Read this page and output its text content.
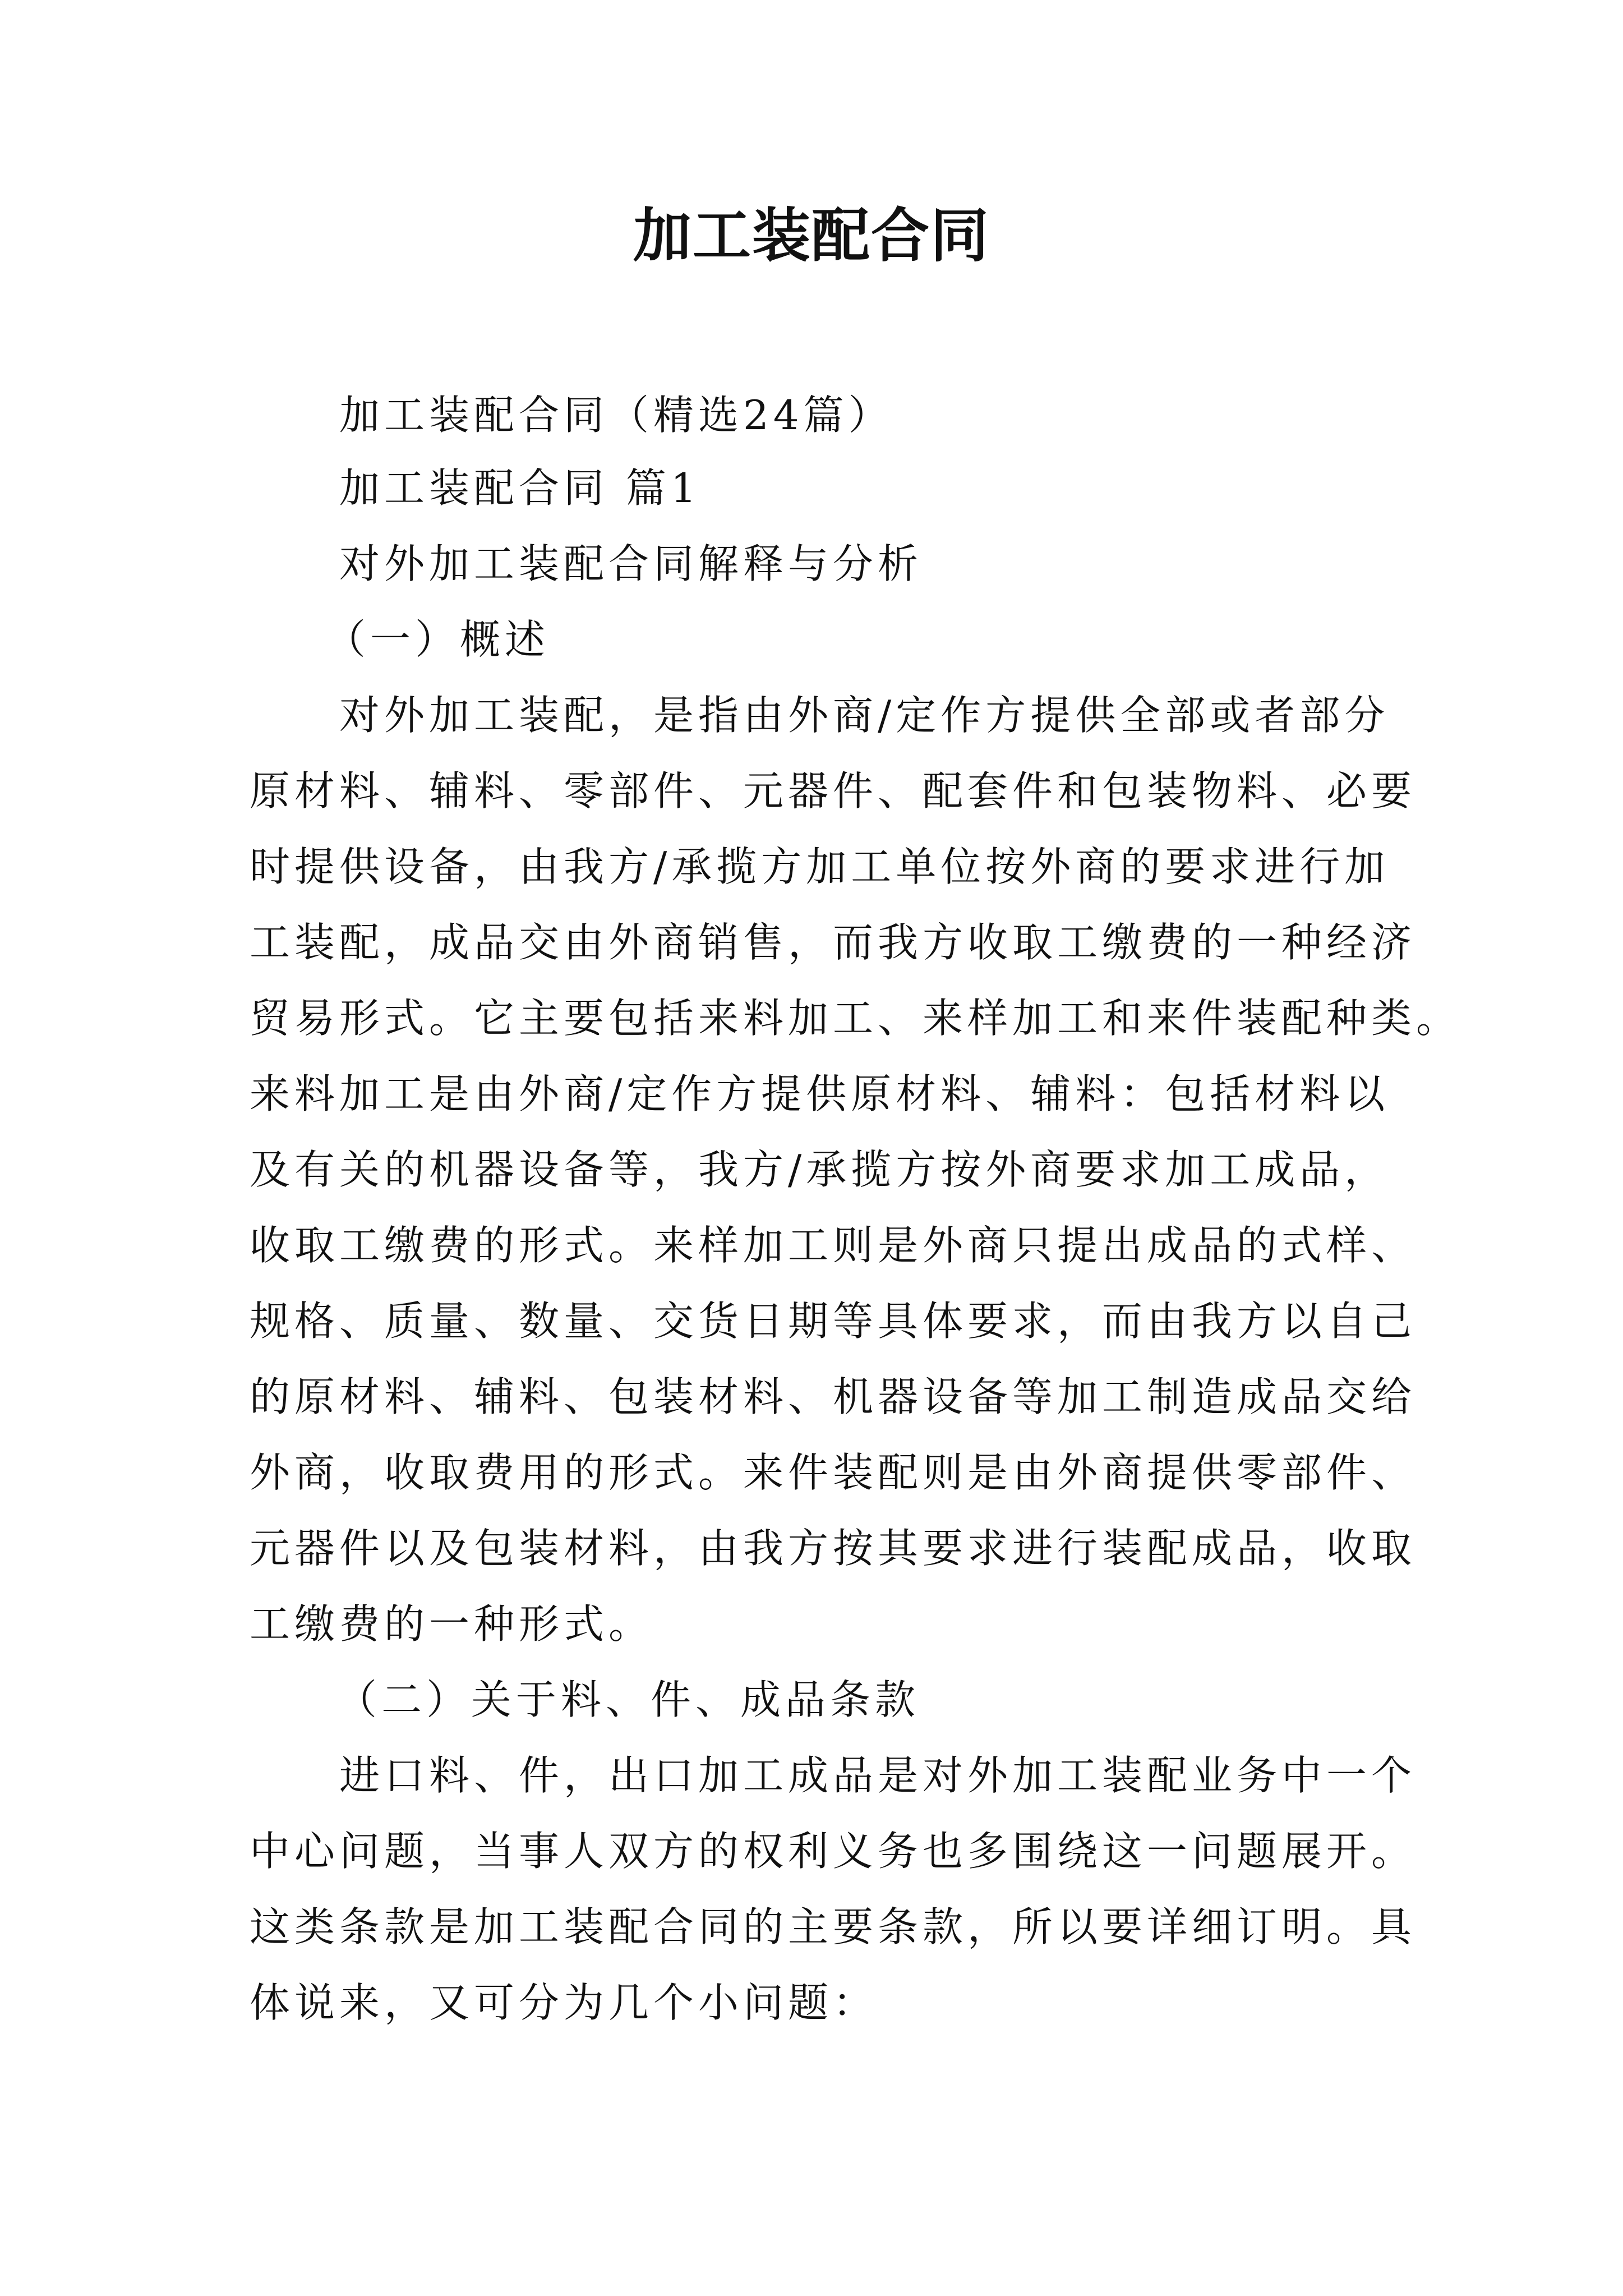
加工装配合同
加工装配合同（精选24篇）
加工装配合同 篇1
对外加工装配合同解释与分析
（一）概述
对外加工装配，是指由外商/定作方提供全部或者部分
原材料、辅料、零部件、元器件、配套件和包装物料、必要
时提供设备，由我方/承揽方加工单位按外商的要求进行加
工装配，成品交由外商销售，而我方收取工缴费的一种经济
贸易形式。它主要包括来料加工、来样加工和来件装配种类。
来料加工是由外商/定作方提供原材料、辅料：包括材料以
及有关的机器设备等，我方/承揽方按外商要求加工成品，
收取工缴费的形式。来样加工则是外商只提出成品的式样、
规格、质量、数量、交货日期等具体要求，而由我方以自己
的原材料、辅料、包装材料、机器设备等加工制造成品交给
外商，收取费用的形式。来件装配则是由外商提供零部件、
元器件以及包装材料，由我方按其要求进行装配成品，收取
工缴费的一种形式。
（二）关于料、件、成品条款
进口料、件，出口加工成品是对外加工装配业务中一个
中心问题，当事人双方的权利义务也多围绕这一问题展开。
这类条款是加工装配合同的主要条款，所以要详细订明。具
体说来，又可分为几个小问题：
